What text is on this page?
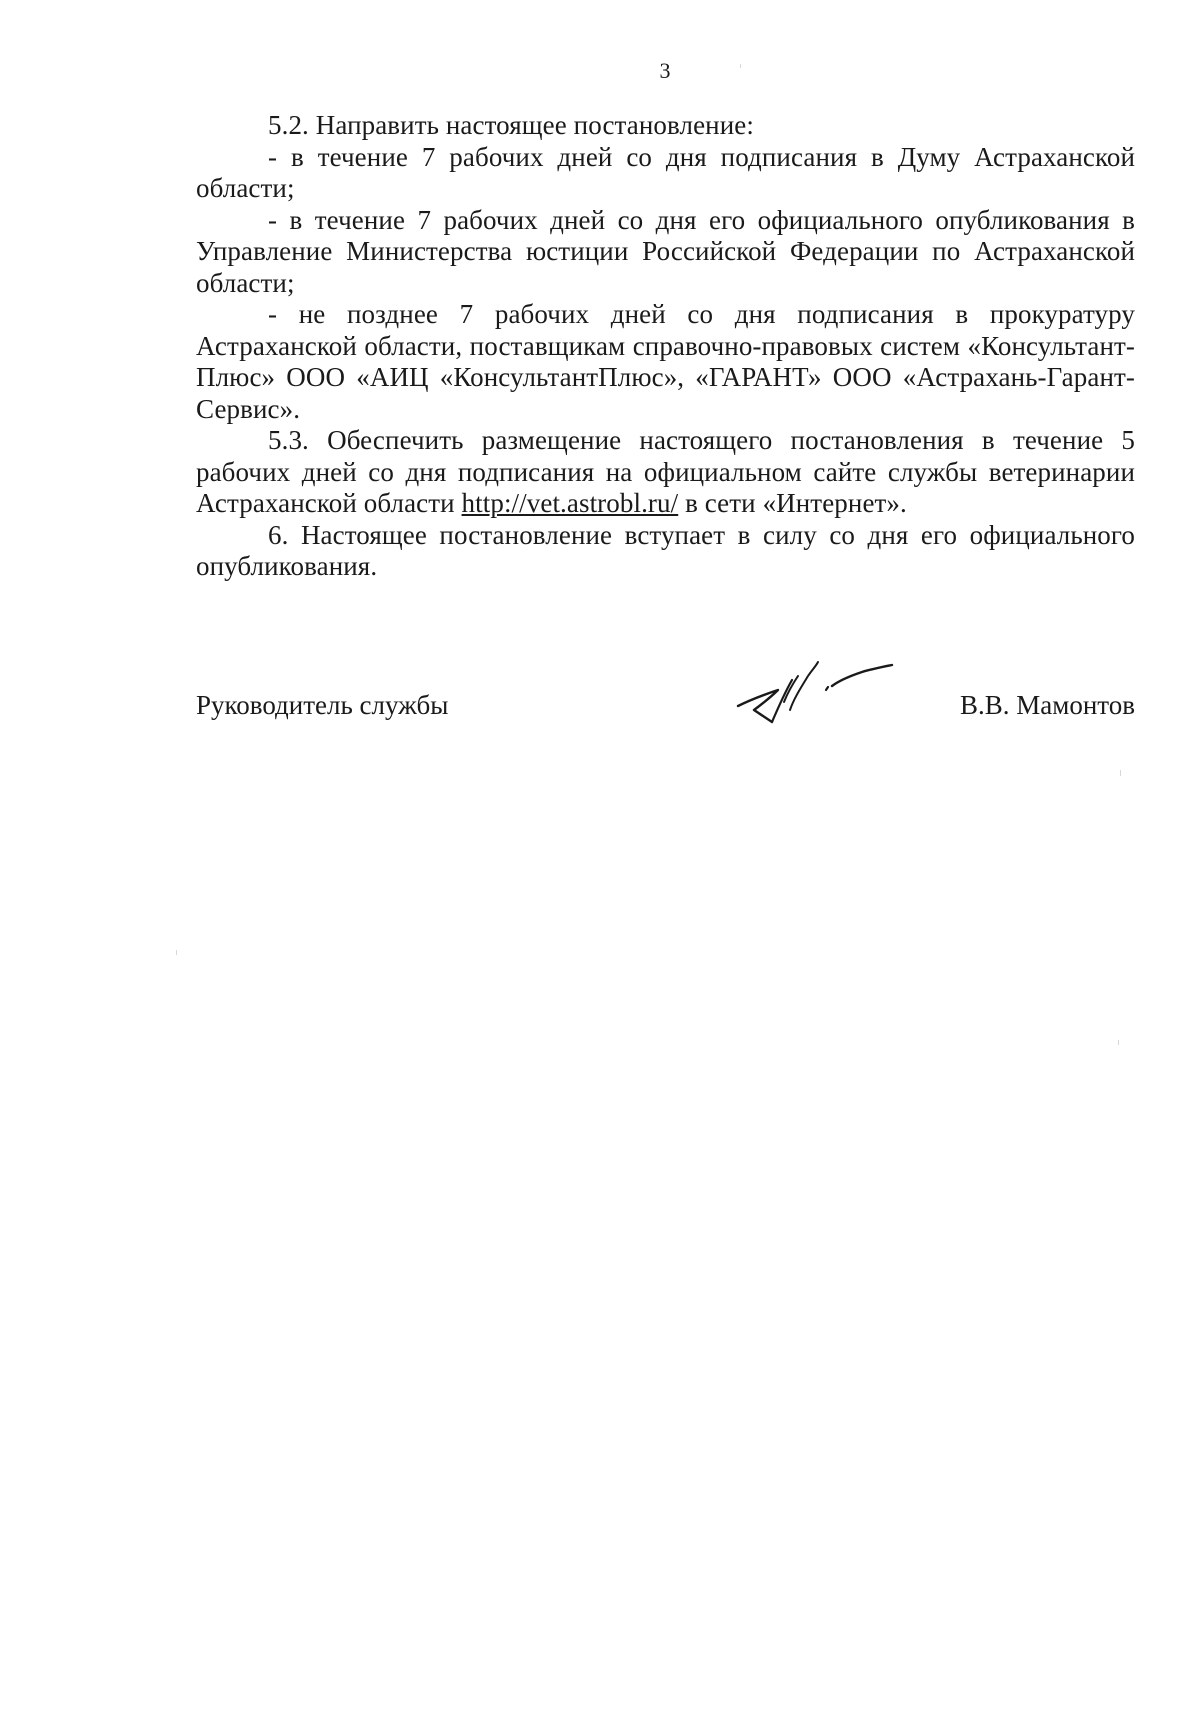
3

5.2. Направить настоящее постановление:

- в течение 7 рабочих дней со дня подписания в Думу Астраханской области;

- в течение 7 рабочих дней со дня его официального опубликования в Управление Министерства юстиции Российской Федерации по Астраханской области;

- не позднее 7 рабочих дней со дня подписания в прокуратуру Астраханской области, поставщикам справочно-правовых систем «Консультант-Плюс» ООО «АИЦ «КонсультантПлюс», «ГАРАНТ» ООО «Астрахань-Гарант-Сервис».

5.3. Обеспечить размещение настоящего постановления в течение 5 рабочих дней со дня подписания на официальном сайте службы ветеринарии Астраханской области http://vet.astrobl.ru/ в сети «Интернет».

6. Настоящее постановление вступает в силу со дня его официального опубликования.

Руководитель службы	В.В. Мамонтов
